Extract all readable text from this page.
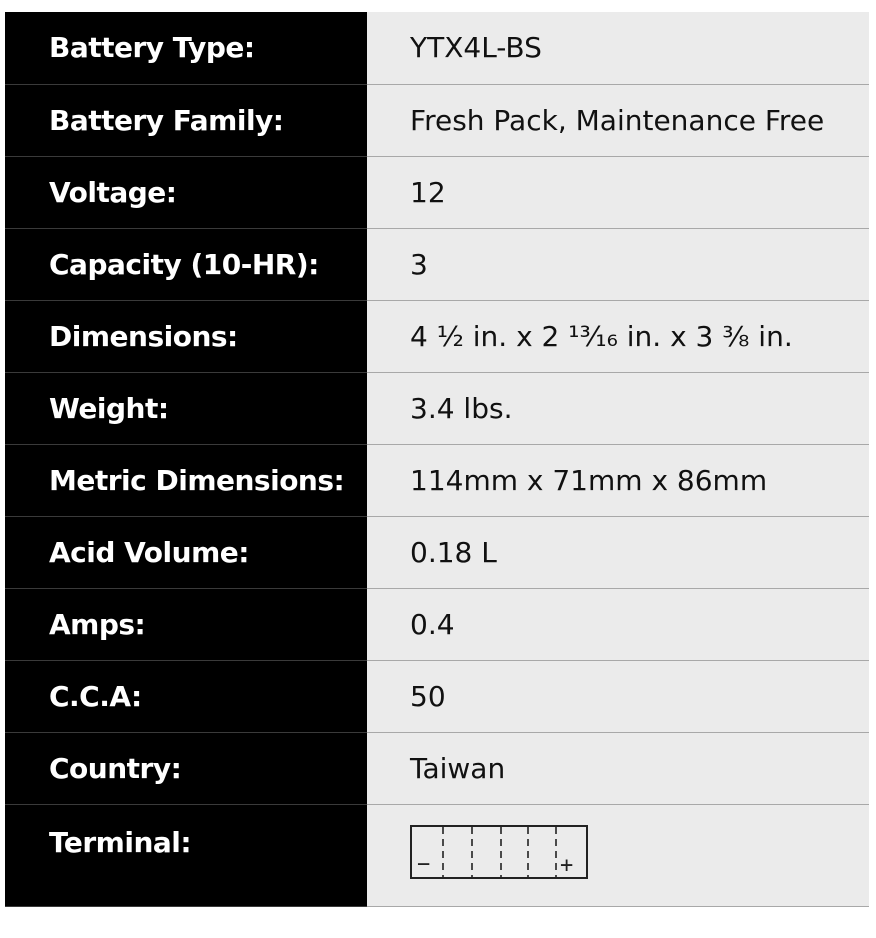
Battery Type:	YTX4L-BS
Battery Family:	Fresh Pack, Maintenance Free
Voltage:	12
Capacity (10-HR):	3
Dimensions:	4 ½ in. x 2 ¹³⁄₁₆ in. x 3 ⅜ in.
Weight:	3.4 lbs.
Metric Dimensions:	114mm x 71mm x 86mm
Acid Volume:	0.18 L
Amps:	0.4
C.C.A:	50
Country:	Taiwan
Terminal:	− +
